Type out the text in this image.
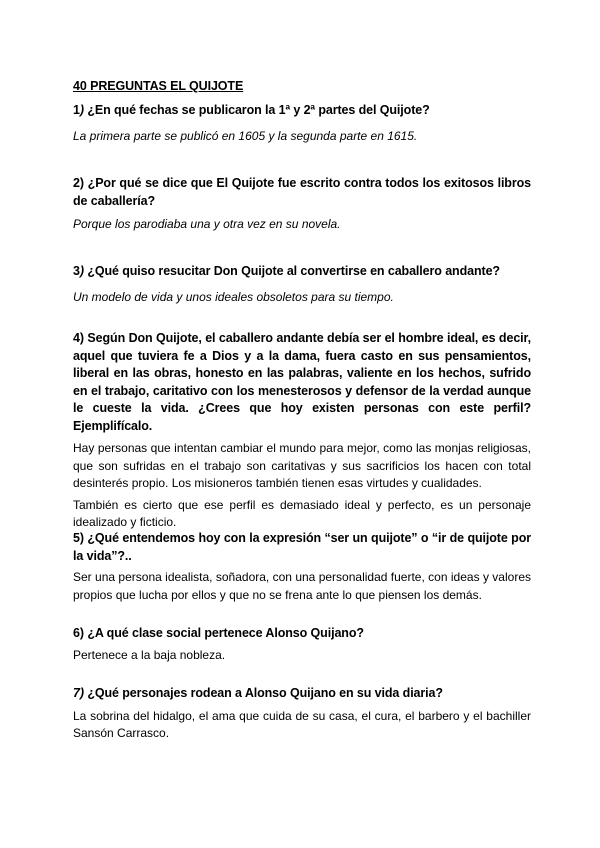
40 PREGUNTAS EL QUIJOTE

1) ¿En qué fechas se publicaron la 1ª y 2ª partes del Quijote?

La primera parte se publicó en 1605 y la segunda parte en 1615.

2) ¿Por qué se dice que El Quijote fue escrito contra todos los exitosos libros de caballería?

Porque los parodiaba una y otra vez en su novela.

3) ¿Qué quiso resucitar Don Quijote al convertirse en caballero andante?

Un modelo de vida y unos ideales obsoletos para su tiempo.

4) Según Don Quijote, el caballero andante debía ser el hombre ideal, es decir, aquel que tuviera fe a Dios y a la dama, fuera casto en sus pensamientos, liberal en las obras, honesto en las palabras, valiente en los hechos, sufrido en el trabajo, caritativo con los menesterosos y defensor de la verdad aunque le cueste la vida. ¿Crees que hoy existen personas con este perfil? Ejemplifícalo.

Hay personas que intentan cambiar el mundo para mejor, como las monjas religiosas, que son sufridas en el trabajo son caritativas y sus sacrificios los hacen con total desinterés propio. Los misioneros también tienen esas virtudes y cualidades.

También es cierto que ese perfil es demasiado ideal y perfecto, es un personaje idealizado y ficticio.

5) ¿Qué entendemos hoy con la expresión “ser un quijote” o “ir de quijote por la vida”?..

Ser una persona idealista, soñadora, con una personalidad fuerte, con ideas y valores propios que lucha por ellos y que no se frena ante lo que piensen los demás.

6) ¿A qué clase social pertenece Alonso Quijano?

Pertenece a la baja nobleza.

7) ¿Qué personajes rodean a Alonso Quijano en su vida diaria?

La sobrina del hidalgo, el ama que cuida de su casa, el cura, el barbero y el bachiller Sansón Carrasco.
